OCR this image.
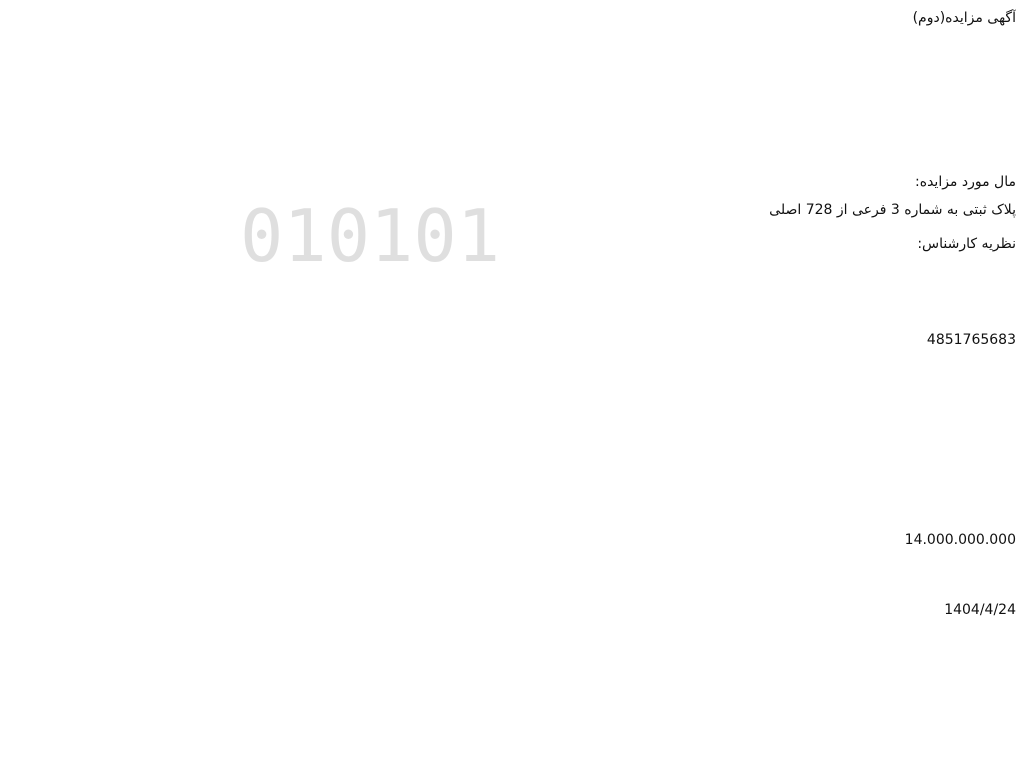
آگهی مزایده(دوم)
مال مورد مزایده:
پلاک ثبتی به شماره 3 فرعی از 728 اصلی
نظریه کارشناس:
4851765683
14.000.000.000
1404/4/24
010101
